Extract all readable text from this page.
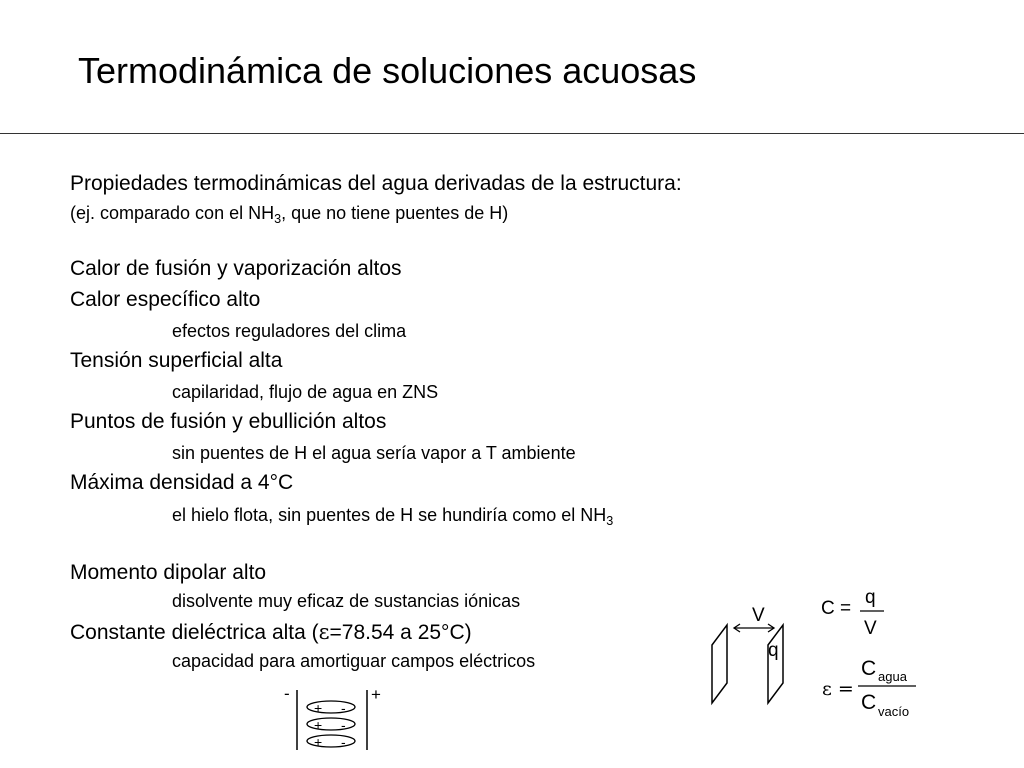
Termodinámica de soluciones acuosas
Propiedades termodinámicas del agua derivadas de la estructura:
(ej. comparado con el $NH_3$, que no tiene puentes de H)
Calor de fusión y vaporización altos
Calor específico alto
efectos reguladores del clima
Tensión superficial alta
capilaridad, flujo de agua en ZNS
Puntos de fusión y ebullición altos
sin puentes de H el agua sería vapor a T ambiente
Máxima densidad a 4°C
el hielo flota, sin puentes de H se hundiría como el $NH_3$
Momento dipolar alto
disolvente muy eficaz de sustancias iónicas
Constante dieléctrica alta (ε=78.54 a 25°C)
capacidad para amortiguar campos eléctricos
-	+
+ -
+ -
+ -
V
q
C =
q
V
ε =
C agua
C vacío
